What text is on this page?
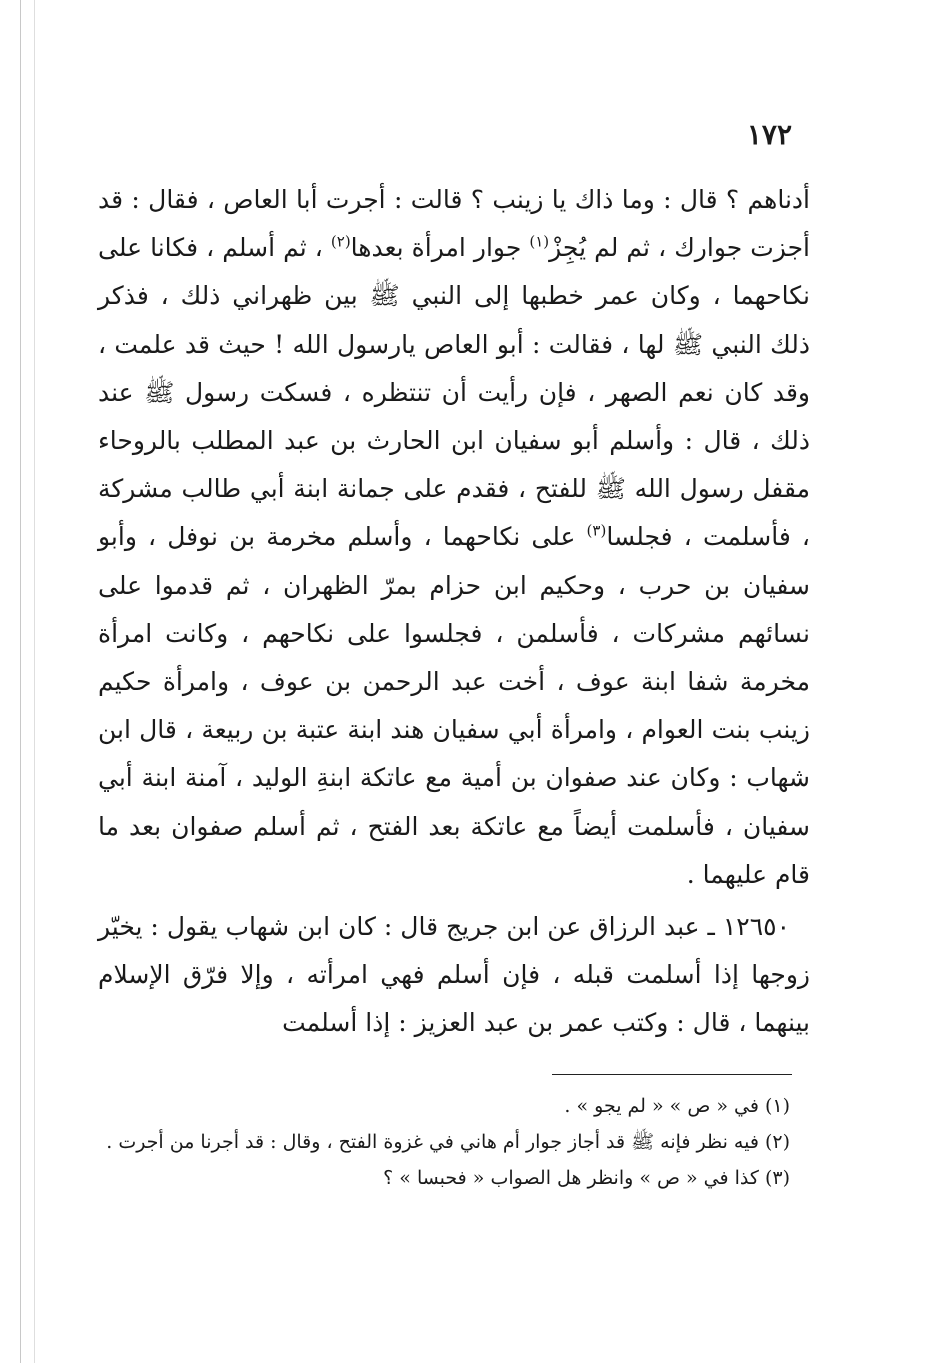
١٧٢

أدناهم ؟ قال : وما ذاك يا زينب ؟ قالت : أجرت أبا العاص ، فقال : قد أجزت جوارك ، ثم لم يُجِزْ$^{(١)}$ جوار امرأة بعدها$^{(٢)}$ ، ثم أسلم ، فكانا على نكاحهما ، وكان عمر خطبها إلى النبي ﷺ بين ظهراني ذلك ، فذكر ذلك النبي ﷺ لها ، فقالت : أبو العاص يارسول الله ! حيث قد علمت ، وقد كان نعم الصهر ، فإن رأيت أن تنتظره ، فسكت رسول ﷺ عند ذلك ، قال : وأسلم أبو سفيان ابن الحارث بن عبد المطلب بالروحاء مقفل رسول الله ﷺ للفتح ، فقدم على جمانة ابنة أبي طالب مشركة ، فأسلمت ، فجلسا$^{(٣)}$ على نكاحهما ، وأسلم مخرمة بن نوفل ، وأبو سفيان بن حرب ، وحكيم ابن حزام بمرّ الظهران ، ثم قدموا على نسائهم مشركات ، فأسلمن ، فجلسوا على نكاحهم ، وكانت امرأة مخرمة شفا ابنة عوف ، أخت عبد الرحمن بن عوف ، وامرأة حكيم زينب بنت العوام ، وامرأة أبي سفيان هند ابنة عتبة بن ربيعة ، قال ابن شهاب : وكان عند صفوان بن أمية مع عاتكة ابنةِ الوليد ، آمنة ابنة أبي سفيان ، فأسلمت أيضاً مع عاتكة بعد الفتح ، ثم أسلم صفوان بعد ما قام عليهما .

١٢٦٥٠ ـ عبد الرزاق عن ابن جريج قال : كان ابن شهاب يقول : يخيّر زوجها إذا أسلمت قبله ، فإن أسلم فهي امرأته ، وإلا فرّق الإسلام بينهما ، قال : وكتب عمر بن عبد العزيز : إذا أسلمت

(١)في « ص » « لم يجو » .

(٢)فيه نظر فإنه ﷺ قد أجاز جوار أم هاني في غزوة الفتح ، وقال : قد أجرنا من أجرت .

(٣)كذا في « ص » وانظر هل الصواب « فحبسا » ؟
